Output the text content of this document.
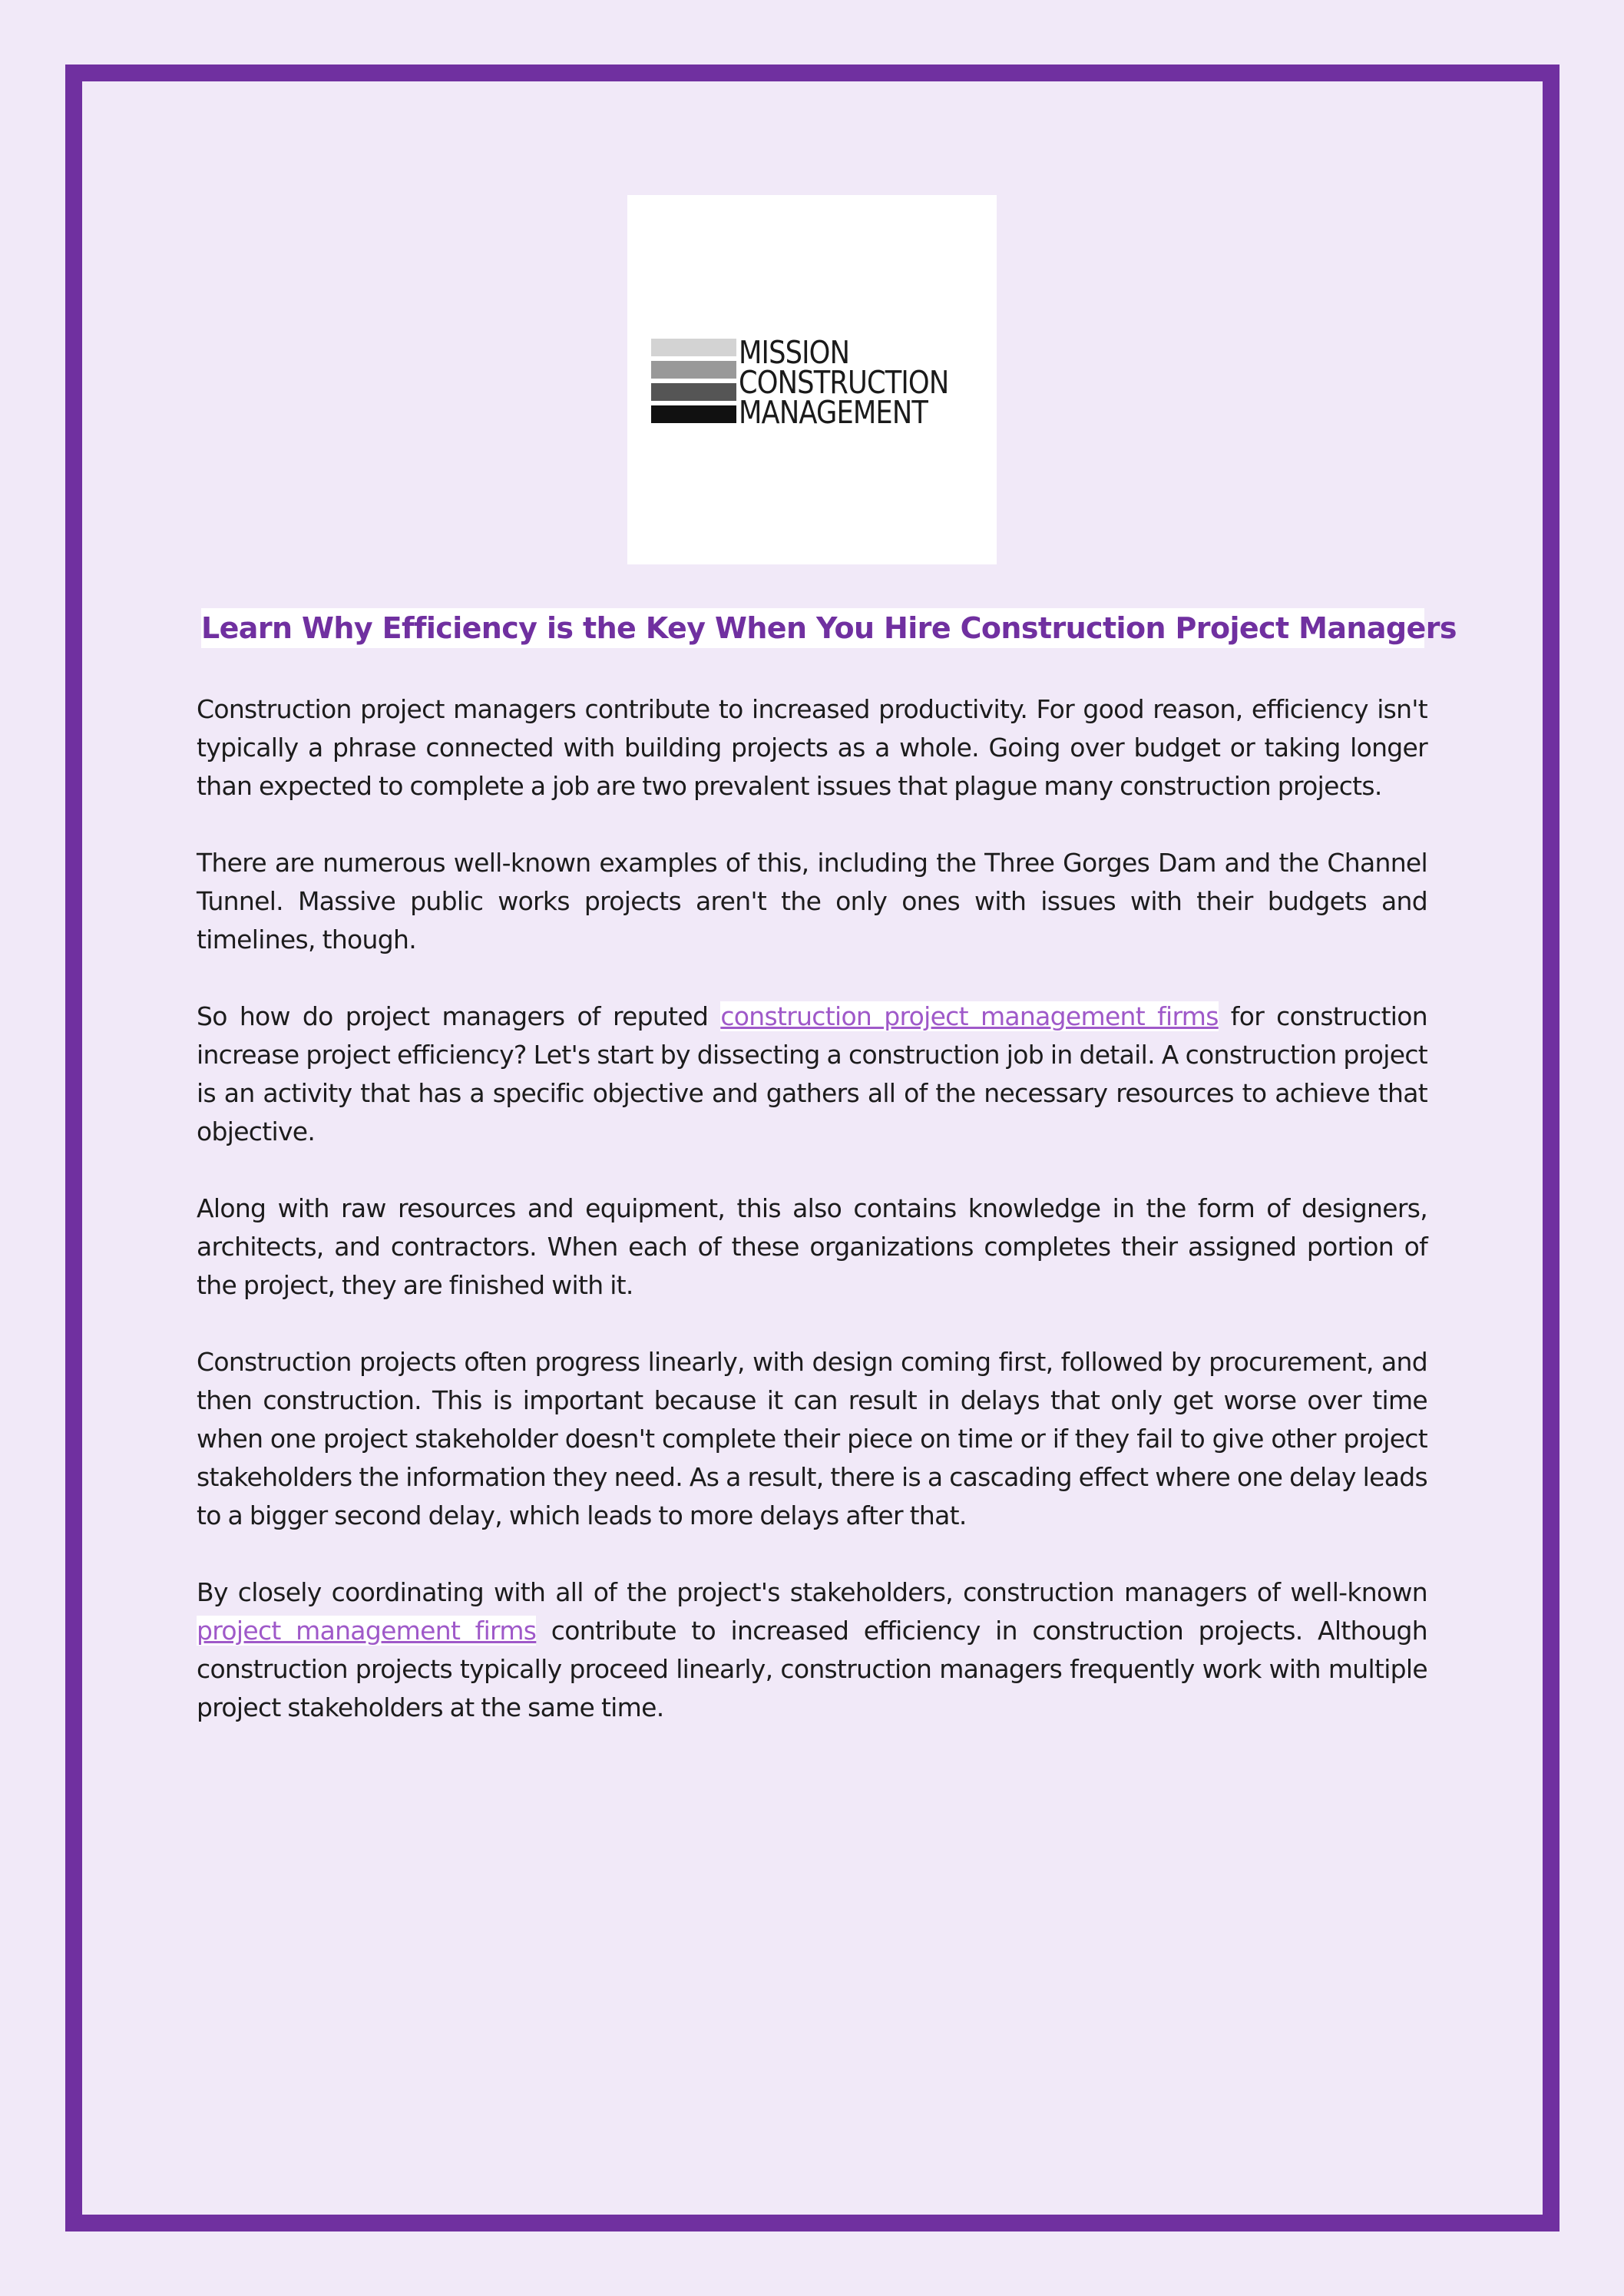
MISSION
CONSTRUCTION
MANAGEMENT
Learn Why Efficiency is the Key When You Hire Construction Project Managers

Construction project managers contribute to increased productivity. For good reason, efficiency isn't typically a phrase connected with building projects as a whole. Going over budget or taking longer than expected to complete a job are two prevalent issues that plague many construction projects.

There are numerous well-known examples of this, including the Three Gorges Dam and the Channel Tunnel. Massive public works projects aren't the only ones with issues with their budgets and timelines, though.

So how do project managers of reputed construction project management firms for construction increase project efficiency? Let's start by dissecting a construction job in detail. A construction project is an activity that has a specific objective and gathers all of the necessary resources to achieve that objective.

Along with raw resources and equipment, this also contains knowledge in the form of designers, architects, and contractors. When each of these organizations completes their assigned portion of the project, they are finished with it.

Construction projects often progress linearly, with design coming first, followed by procurement, and then construction. This is important because it can result in delays that only get worse over time when one project stakeholder doesn't complete their piece on time or if they fail to give other project stakeholders the information they need. As a result, there is a cascading effect where one delay leads to a bigger second delay, which leads to more delays after that.

By closely coordinating with all of the project's stakeholders, construction managers of well-known project management firms contribute to increased efficiency in construction projects. Although construction projects typically proceed linearly, construction managers frequently work with multiple project stakeholders at the same time.
